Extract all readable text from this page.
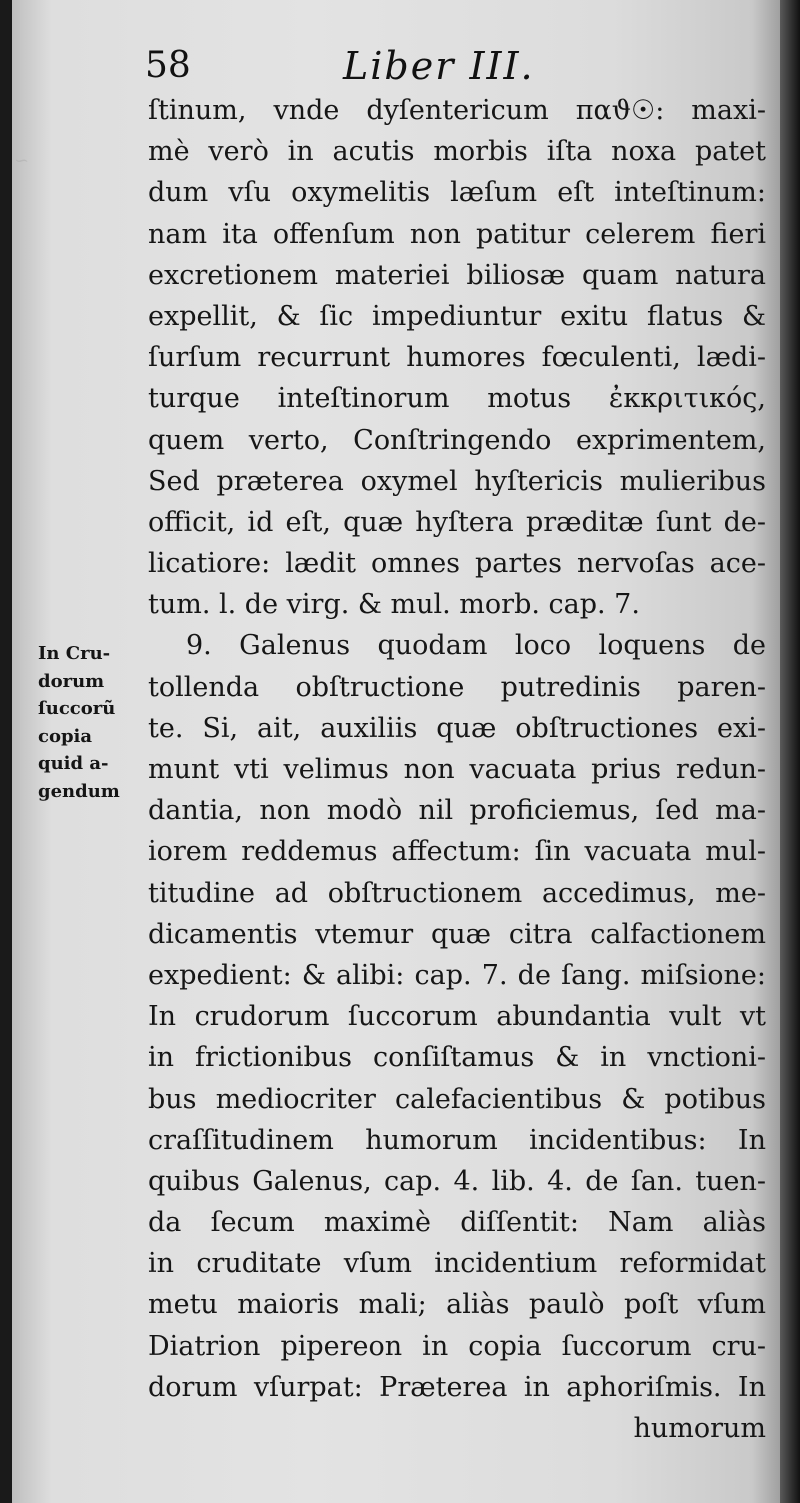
~
58	Liber III.
In Cru-
dorum
ſuccorũ
copia
quid a-
gendum
ſtinum, vnde dyſentericum παϑ☉: maxi-
mè verò in acutis morbis iſta noxa patet
dum vſu oxymelitis læſum eſt inteſtinum:
nam ita offenſum non patitur celerem fieri
excretionem materiei biliosæ quam natura
expellit, & ſic impediuntur exitu flatus &
ſurſum recurrunt humores fœculenti, lædi-
turque inteſtinorum motus ἐκκριτικός,
quem verto, Conſtringendo exprimentem,
Sed præterea oxymel hyſtericis mulieribus
officit, id eſt, quæ hyſtera præditæ ſunt de-
licatiore: lædit omnes partes nervoſas ace-
tum. l. de virg. & mul. morb. cap. 7.
9. Galenus quodam loco loquens de
tollenda obſtructione putredinis paren-
te. Si, ait, auxiliis quæ obſtructiones exi-
munt vti velimus non vacuata prius redun-
dantia, non modò nil proficiemus, ſed ma-
iorem reddemus affectum: ſin vacuata mul-
titudine ad obſtructionem accedimus, me-
dicamentis vtemur quæ citra calfactionem
expedient: & alibi: cap. 7. de ſang. miſsione:
In crudorum ſuccorum abundantia vult vt
in frictionibus conſiſtamus & in vnctioni-
bus mediocriter calefacientibus & potibus
craſſitudinem humorum incidentibus: In
quibus Galenus, cap. 4. lib. 4. de ſan. tuen-
da ſecum maximè diſſentit: Nam aliàs
in cruditate vſum incidentium reformidat
metu maioris mali; aliàs paulò poſt vſum
Diatrion pipereon in copia ſuccorum cru-
dorum vſurpat: Præterea in aphoriſmis. In
humorum
